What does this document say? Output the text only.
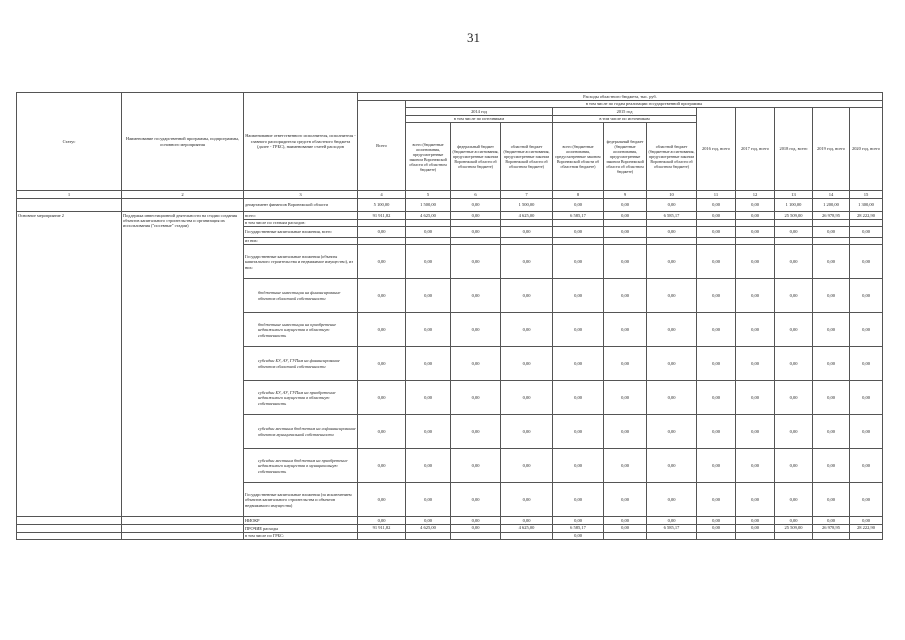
31
Статус	Наименование государственной программы, подпрограммы, основного мероприятия	Наименование ответственного исполнителя, исполнителя - главного распорядителя средств областного бюджета (далее - ГРБС), наименование статей расходов	Расходы областного бюджета, тыс. руб.											
			Всего	в том числе по годам реализации государственной программы										
				2014 год			2015 год			2016 год, всего	2017 год, всего	2018 год, всего	2019 год, всего	2020 год, всего
				в том числе по источникам			в том числе по источникам							
				всего (бюджетные ассигнования, предусмотренные законом Воронежской области об областном бюджете)	федеральный бюджет (бюджетные ассигнования, предусмотренные законом Воронежской области об областном бюджете)	областной бюджет (бюджетные ассигнования, предусмотренные законом Воронежской области об областном бюджете)	всего (бюджетные ассигнования, предусмотренные законом Воронежской области об областном бюджете)	федеральный бюджет (бюджетные ассигнования, предусмотренные законом Воронежской области об областном бюджете)	областной бюджет (бюджетные ассигнования, предусмотренные законом Воронежской области об областном бюджете)					
1	2	3	4	5	6	7	8	9	10	11	12	13	14	15
		департамент финансов Воронежской области	5 100,00	1 500,00	0,00	1 500,00	0,00	0,00	0,00	0,00	0,00	1 100,00	1 200,00	1 300,00
Основное мероприятие 2	Поддержка инвестиционной деятельности на стадии создания объектов капитального строительства и организация их использования ("посевные" стадии)	всего:	91 911,82	4 625,00	0,00	4 625,00	6 585,17	0,00	6 585,17	0,00	0,00	25 509,00	26 978,95	28 222,90
		в том числе по статьям расходов:												
		Государственные капитальные вложения, всего	0,00	0,00	0,00	0,00	0,00	0,00	0,00	0,00	0,00	0,00	0,00	0,00
		из них:												
		Государственные капитальные вложения (объекты капитального строительства и недвижимое имущество), из них:	0,00	0,00	0,00	0,00	0,00	0,00	0,00	0,00	0,00	0,00	0,00	0,00
		бюджетные инвестиции на финансирование объектов областной собственности	0,00	0,00	0,00	0,00	0,00	0,00	0,00	0,00	0,00	0,00	0,00	0,00
		бюджетные инвестиции на приобретение недвижимого имущества в областную собственность	0,00	0,00	0,00	0,00	0,00	0,00	0,00	0,00	0,00	0,00	0,00	0,00
		субсидии БУ, АУ, ГУПам на финансирование объектов областной собственности	0,00	0,00	0,00	0,00	0,00	0,00	0,00	0,00	0,00	0,00	0,00	0,00
		субсидии БУ, АУ, ГУПам на приобретение недвижимого имущества в областную собственность	0,00	0,00	0,00	0,00	0,00	0,00	0,00	0,00	0,00	0,00	0,00	0,00
		субсидии местным бюджетам на софинансирование объектов муниципальной собственности	0,00	0,00	0,00	0,00	0,00	0,00	0,00	0,00	0,00	0,00	0,00	0,00
		субсидии местным бюджетам на приобретение недвижимого имущества в муниципальную собственность	0,00	0,00	0,00	0,00	0,00	0,00	0,00	0,00	0,00	0,00	0,00	0,00
		Государственные капитальные вложения (за исключением объектов капитального строительства и объектов недвижимого имущества)	0,00	0,00	0,00	0,00	0,00	0,00	0,00	0,00	0,00	0,00	0,00	0,00
		НИОКР	0,00	0,00	0,00	0,00	0,00	0,00	0,00	0,00	0,00	0,00	0,00	0,00
		ПРОЧИЕ расходы	91 911,82	4 625,00	0,00	4 625,00	6 585,17	0,00	6 585,17	0,00	0,00	25 509,00	26 978,95	28 222,90
		в том числе по ГРБС:					0,00							
